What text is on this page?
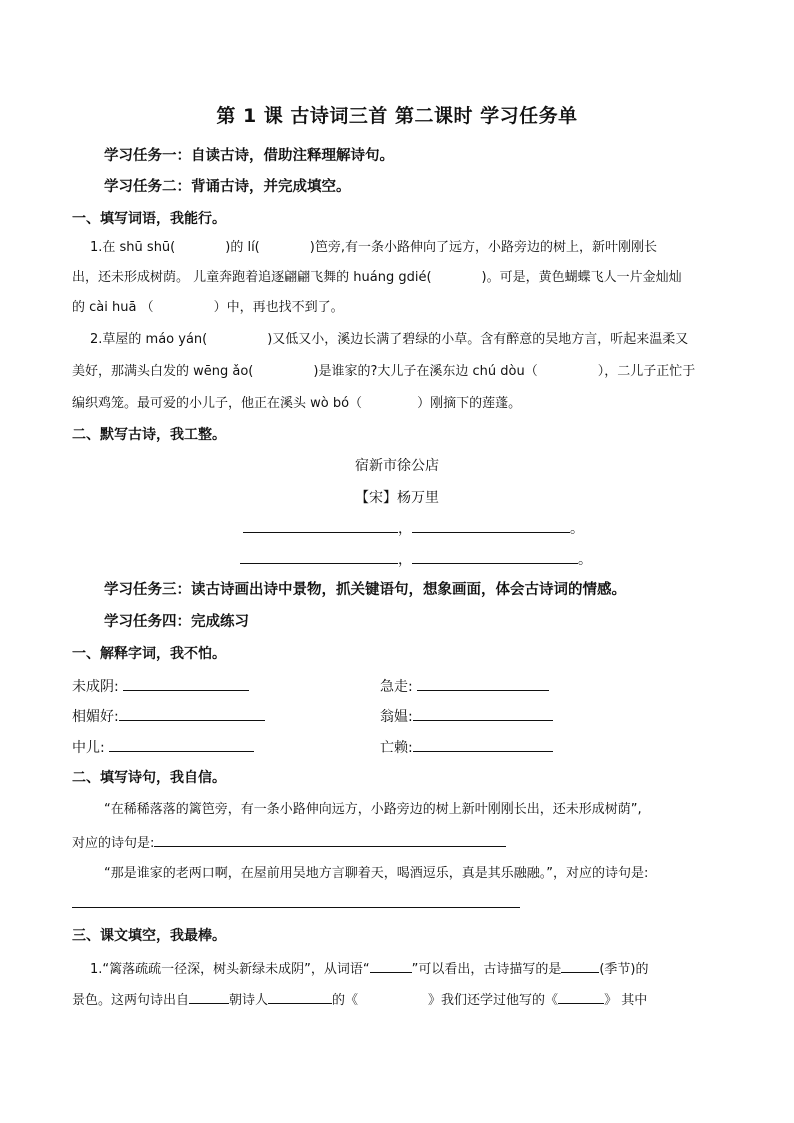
第 1 课 古诗词三首 第二课时 学习任务单
学习任务一：自读古诗，借助注释理解诗句。
学习任务二：背诵古诗，并完成填空。
一、填写词语，我能行。
1.在 shū shū(	)的 lí(	)笆旁,有一条小路伸向了远方，小路旁边的树上，新叶刚刚长
出，还未形成树荫。 儿童奔跑着追逐翩翩飞舞的 huáng gdié(	)。可是，黄色蝴蝶飞人一片金灿灿
的 cài huā （	）中，再也找不到了。
2.草屋的 máo yán(	)又低又小，溪边长满了碧绿的小草。含有醉意的吴地方言，听起来温柔又
美好，那满头白发的 wēng ǎo(	)是谁家的?大儿子在溪东边 chú dòu（	），二儿子正忙于
编织鸡笼。最可爱的小儿子，他正在溪头 wò bó（	）刚摘下的莲蓬。
二、默写古诗，我工整。
宿新市徐公店
【宋】杨万里
，	。
，	。
学习任务三：读古诗画出诗中景物，抓关键语句，想象画面，体会古诗词的情感。
学习任务四：完成练习
一、解释字词，我不怕。
未成阴:	急走:
相媚好:	翁媪:
中儿:	亡赖:
二、填写诗句，我自信。
“在稀稀落落的篱笆旁，有一条小路伸向远方，小路旁边的树上新叶刚刚长出，还未形成树荫”,
对应的诗句是:
“那是谁家的老两口啊，在屋前用吴地方言聊着天，喝酒逗乐，真是其乐融融。”，对应的诗句是:
三、课文填空，我最棒。
1.“篱落疏疏一径深，树头新绿未成阴”，从词语“	”可以看出，古诗描写的是	(季节)的
景色。这两句诗出自	朝诗人	的《	》我们还学过他写的《	》 其中
